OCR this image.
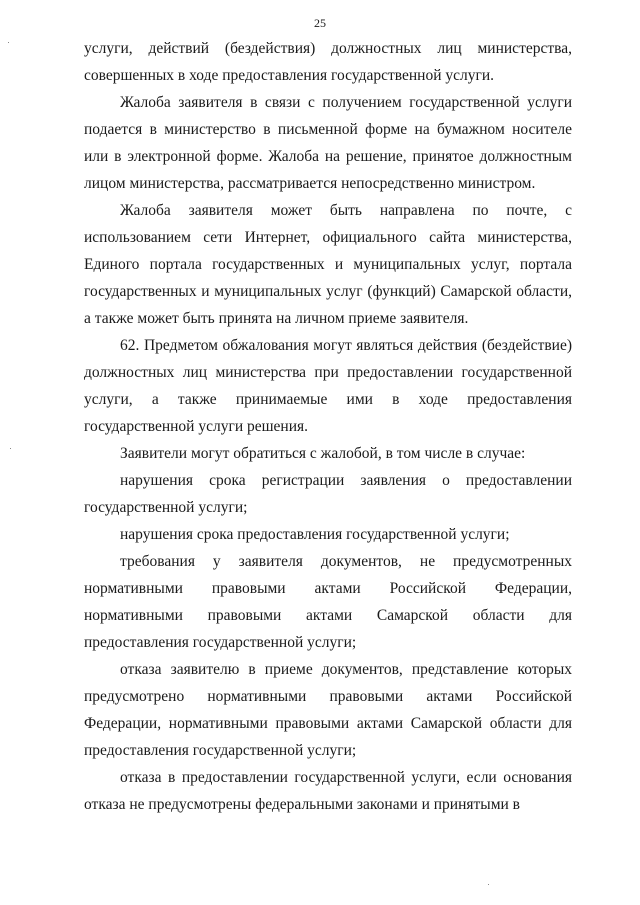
25

услуги, действий (бездействия) должностных лиц министерства, совершенных в ходе предоставления государственной услуги.

Жалоба заявителя в связи с получением государственной услуги подается в министерство в письменной форме на бумажном носителе или в электронной форме. Жалоба на решение, принятое должностным лицом министерства, рассматривается непосредственно министром.

Жалоба заявителя может быть направлена по почте, с использованием сети Интернет, официального сайта министерства, Единого портала государственных и муниципальных услуг, портала государственных и муниципальных услуг (функций) Самарской области, а также может быть принята на личном приеме заявителя.

62. Предметом обжалования могут являться действия (бездействие) должностных лиц министерства при предоставлении государственной услуги, а также принимаемые ими в ходе предоставления государственной услуги решения.

Заявители могут обратиться с жалобой, в том числе в случае:

нарушения срока регистрации заявления о предоставлении государственной услуги;

нарушения срока предоставления государственной услуги;

требования у заявителя документов, не предусмотренных нормативными правовыми актами Российской Федерации, нормативными правовыми актами Самарской области для предоставления государственной услуги;

отказа заявителю в приеме документов, представление которых предусмотрено нормативными правовыми актами Российской Федерации, нормативными правовыми актами Самарской области для предоставления государственной услуги;

отказа в предоставлении государственной услуги, если основания отказа не предусмотрены федеральными законами и принятыми в
